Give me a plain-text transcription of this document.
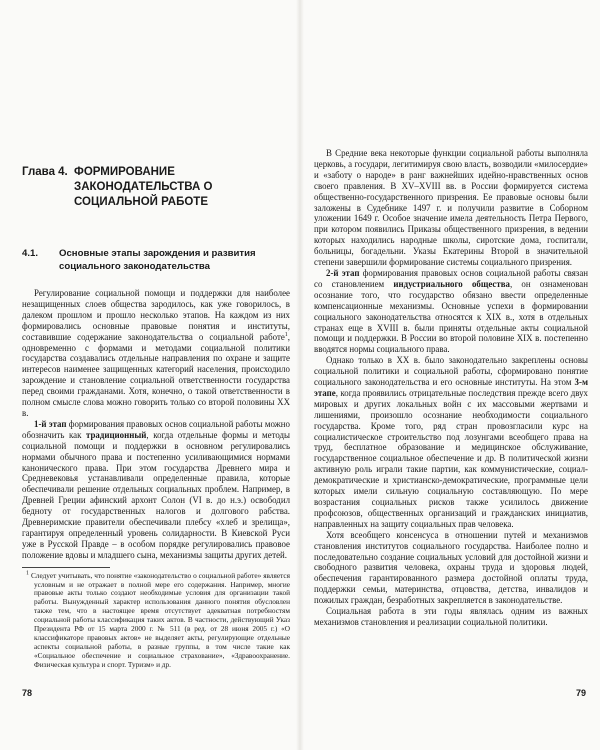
Глава 4. ФОРМИРОВАНИЕ ЗАКОНОДАТЕЛЬСТВА О СОЦИАЛЬНОЙ РАБОТЕ
4.1.	Основные этапы зарождения и развития социального законодательства

Регулирование социальной помощи и поддержки для наиболее незащищенных слоев общества зародилось, как уже говорилось, в далеком прошлом и прошло несколько этапов. На каждом из них формировались основные правовые понятия и институты, составившие содержание законодательства о социальной работе$^1$, одновременно с формами и методами социальной политики государства создавались отдельные направления по охране и защите интересов наименее защищенных категорий населения, происходило зарождение и становление социальной ответственности государства перед своими гражданами. Хотя, конечно, о такой ответственности в полном смысле слова можно говорить только со второй половины XX в.

1-й этап формирования правовых основ социальной работы можно обозначить как традиционный, когда отдельные формы и методы социальной помощи и поддержки в основном регулировались нормами обычного права и постепенно усиливающимися нормами канонического права. При этом государства Древнего мира и Средневековья устанавливали определенные правила, которые обеспечивали решение отдельных социальных проблем. Например, в Древней Греции афинский архонт Солон (VI в. до н.э.) освободил бедноту от государственных налогов и долгового рабства. Древнеримские правители обеспечивали плебсу «хлеб и зрелища», гарантируя определенный уровень солидарности. В Киевской Руси уже в Русской Правде – в особом порядке регулировались правовое положение вдовы и младшего сына, механизмы защиты других детей.

$^1$ Следует учитывать, что понятие «законодательство о социальной работе» является условным и не отражает в полной мере его содержания. Например, многие правовые акты только создают необходимые условия для организации такой работы. Вынужденный характер использования данного понятия обусловлен также тем, что в настоящее время отсутствует адекватная потребностям социальной работы классификация таких актов. В частности, действующий Указ Президента РФ от 15 марта 2000 г. № 511 (в ред. от 28 июня 2005 г.) «О классификаторе правовых актов» не выделяет акты, регулирующие отдельные аспекты социальной работы, в разные группы, в том числе такие как «Социальное обеспечение и социальное страхование», «Здравоохранение. Физическая культура и спорт. Туризм» и др.

78

В Средние века некоторые функции социальной работы выполняла церковь, а государи, легитимируя свою власть, возводили «милосердие» и «заботу о народе» в ранг важнейших идейно-нравственных основ своего правления. В XV–XVIII вв. в России формируется система общественно-государственного призрения. Ее правовые основы были заложены в Судебнике 1497 г. и получили развитие в Соборном уложении 1649 г. Особое значение имела деятельность Петра Первого, при котором появились Приказы общественного призрения, в ведении которых находились народные школы, сиротские дома, госпитали, больницы, богадельни. Указы Екатерины Второй в значительной степени завершили формирование системы социального призрения.

2-й этап формирования правовых основ социальной работы связан со становлением индустриального общества, он ознаменован осознание того, что государство обязано ввести определенные компенсационные механизмы. Основные успехи в формировании социального законодательства относятся к XIX в., хотя в отдельных странах еще в XVIII в. были приняты отдельные акты социальной помощи и поддержки. В России во второй половине XIX в. постепенно вводятся нормы социального права.

Однако только в XX в. было законодательно закреплены основы социальной политики и социальной работы, сформировано понятие социального законодательства и его основные институты. На этом 3-м этапе, когда проявились отрицательные последствия прежде всего двух мировых и других локальных войн с их массовыми жертвами и лишениями, произошло осознание необходимости социального государства. Кроме того, ряд стран провозгласили курс на социалистическое строительство под лозунгами всеобщего права на труд, бесплатное образование и медицинское обслуживание, государственное социальное обеспечение и др. В политической жизни активную роль играли такие партии, как коммунистические, социал-демократические и христианско-демократические, программные цели которых имели сильную социальную составляющую. По мере возрастания социальных рисков также усилилось движение профсоюзов, общественных организаций и гражданских инициатив, направленных на защиту социальных прав человека.

Хотя всеобщего консенсуса в отношении путей и механизмов становления институтов социального государства. Наиболее полно и последовательно создание социальных условий для достойной жизни и свободного развития человека, охраны труда и здоровья людей, обеспечения гарантированного размера достойной оплаты труда, поддержки семьи, материнства, отцовства, детства, инвалидов и пожилых граждан, безработных закрепляется в законодательстве.

Социальная работа в эти годы являлась одним из важных механизмов становления и реализации социальной политики.

79
